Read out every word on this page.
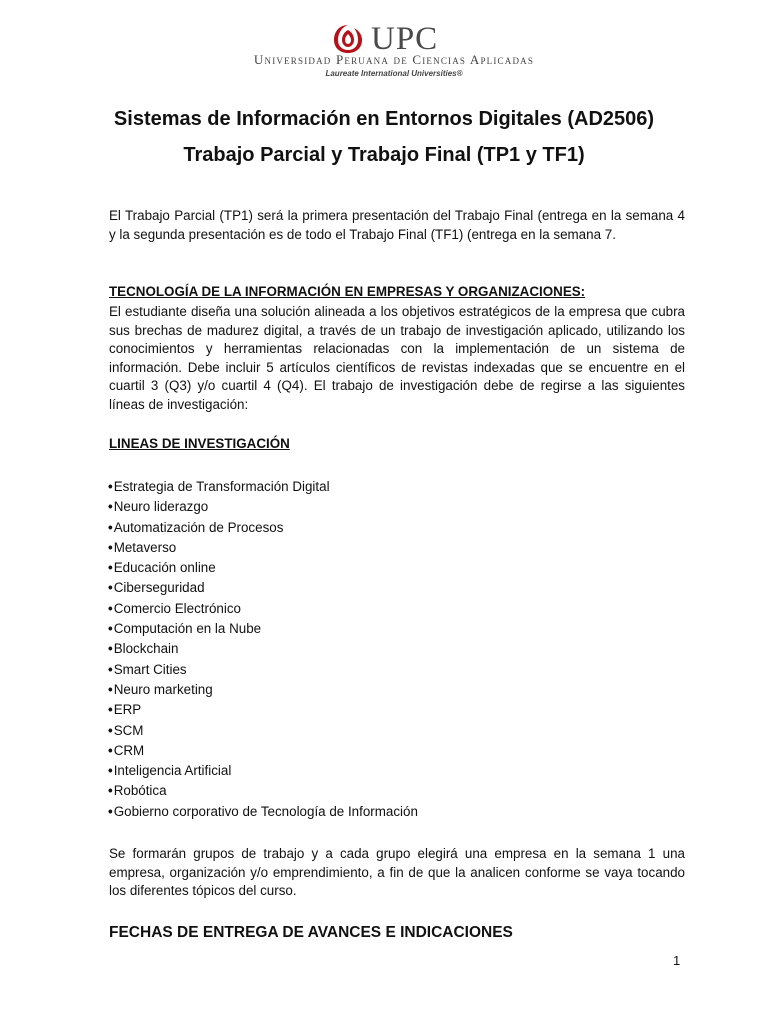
UPC
Universidad Peruana de Ciencias Aplicadas
Laureate International Universities®
Sistemas de Información en Entornos Digitales (AD2506)
Trabajo Parcial y Trabajo Final (TP1 y TF1)

El Trabajo Parcial (TP1) será la primera presentación del Trabajo Final (entrega en la semana 4 y la segunda presentación es de todo el Trabajo Final (TF1) (entrega en la semana 7.

TECNOLOGÍA DE LA INFORMACIÓN EN EMPRESAS Y ORGANIZACIONES:

El estudiante diseña una solución alineada a los objetivos estratégicos de la empresa que cubra sus brechas de madurez digital, a través de un trabajo de investigación aplicado, utilizando los conocimientos y herramientas relacionadas con la implementación de un sistema de información. Debe incluir 5 artículos científicos de revistas indexadas que se encuentre en el cuartil 3 (Q3) y/o cuartil 4 (Q4). El trabajo de investigación debe de regirse a las siguientes líneas de investigación:

LINEAS DE INVESTIGACIÓN
•Estrategia de Transformación Digital
•Neuro liderazgo
•Automatización de Procesos
•Metaverso
•Educación online
•Ciberseguridad
•Comercio Electrónico
•Computación en la Nube
•Blockchain
•Smart Cities
•Neuro marketing
•ERP
•SCM
•CRM
•Inteligencia Artificial
•Robótica
•Gobierno corporativo de Tecnología de Información

Se formarán grupos de trabajo y a cada grupo elegirá una empresa en la semana 1 una empresa, organización y/o emprendimiento, a fin de que la analicen conforme se vaya tocando los diferentes tópicos del curso.

FECHAS DE ENTREGA DE AVANCES E INDICACIONES
1
